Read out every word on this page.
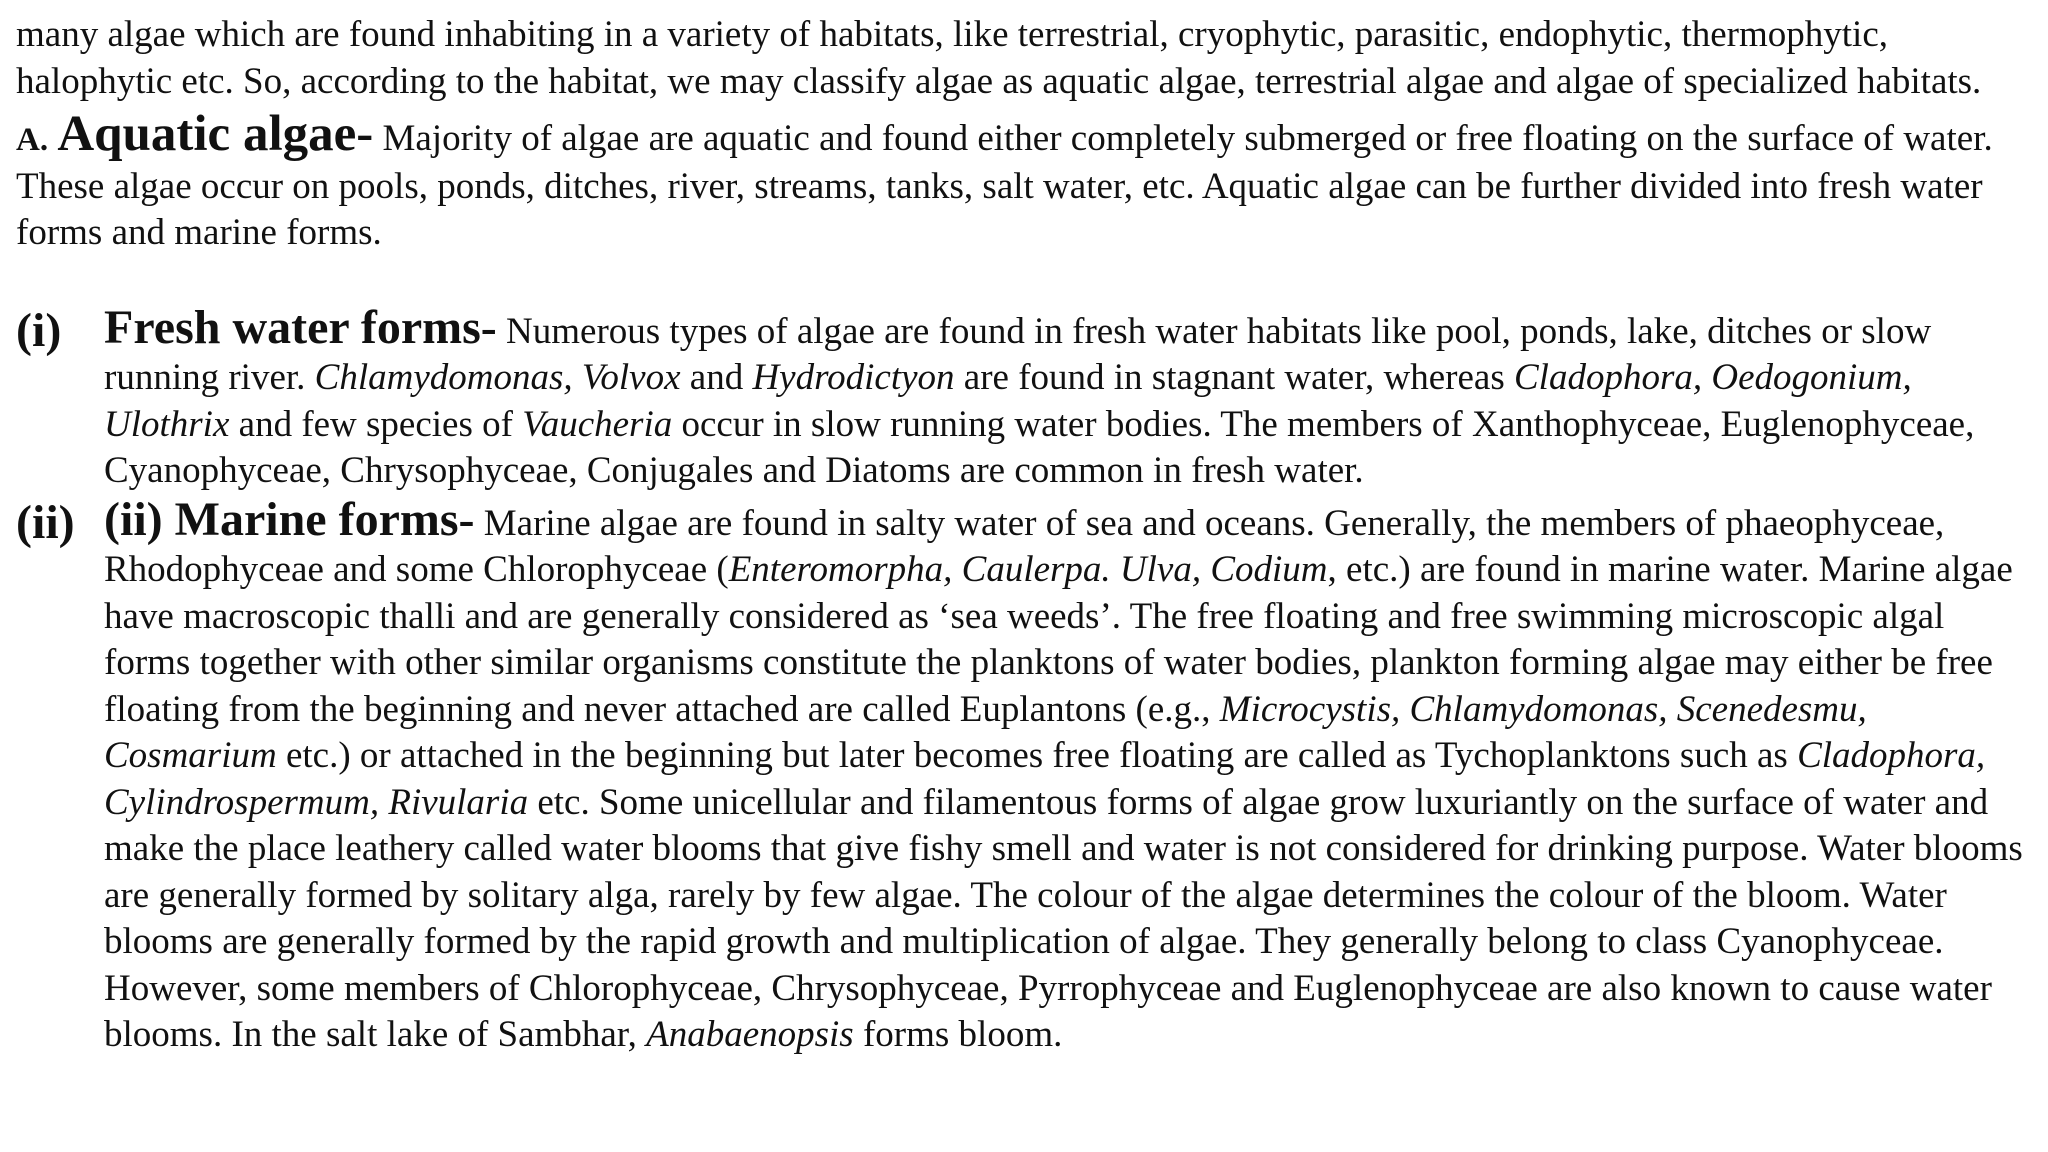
many algae which are found inhabiting in a variety of habitats, like terrestrial, cryophytic, parasitic, endophytic, thermophytic, halophytic etc. So, according to the habitat, we may classify algae as aquatic algae, terrestrial algae and algae of specialized habitats.

A. Aquatic algae- Majority of algae are aquatic and found either completely submerged or free floating on the surface of water. These algae occur on pools, ponds, ditches, river, streams, tanks, salt water, etc. Aquatic algae can be further divided into fresh water forms and marine forms.

(i) Fresh water forms- Numerous types of algae are found in fresh water habitats like pool, ponds, lake, ditches or slow running river. Chlamydomonas, Volvox and Hydrodictyon are found in stagnant water, whereas Cladophora, Oedogonium, Ulothrix and few species of Vaucheria occur in slow running water bodies. The members of Xanthophyceae, Euglenophyceae, Cyanophyceae, Chrysophyceae, Conjugales and Diatoms are common in fresh water.
(ii) (ii) Marine forms- Marine algae are found in salty water of sea and oceans. Generally, the members of phaeophyceae, Rhodophyceae and some Chlorophyceae (Enteromorpha, Caulerpa. Ulva, Codium, etc.) are found in marine water. Marine algae have macroscopic thalli and are generally considered as ‘sea weeds’. The free floating and free swimming microscopic algal forms together with other similar organisms constitute the planktons of water bodies, plankton forming algae may either be free floating from the beginning and never attached are called Euplantons (e.g., Microcystis, Chlamydomonas, Scenedesmu, Cosmarium etc.) or attached in the beginning but later becomes free floating are called as Tychoplanktons such as Cladophora, Cylindrospermum, Rivularia etc. Some unicellular and filamentous forms of algae grow luxuriantly on the surface of water and make the place leathery called water blooms that give fishy smell and water is not considered for drinking purpose. Water blooms are generally formed by solitary alga, rarely by few algae. The colour of the algae determines the colour of the bloom. Water blooms are generally formed by the rapid growth and multiplication of algae. They generally belong to class Cyanophyceae. However, some members of Chlorophyceae, Chrysophyceae, Pyrrophyceae and Euglenophyceae are also known to cause water blooms. In the salt lake of Sambhar, Anabaenopsis forms bloom.
